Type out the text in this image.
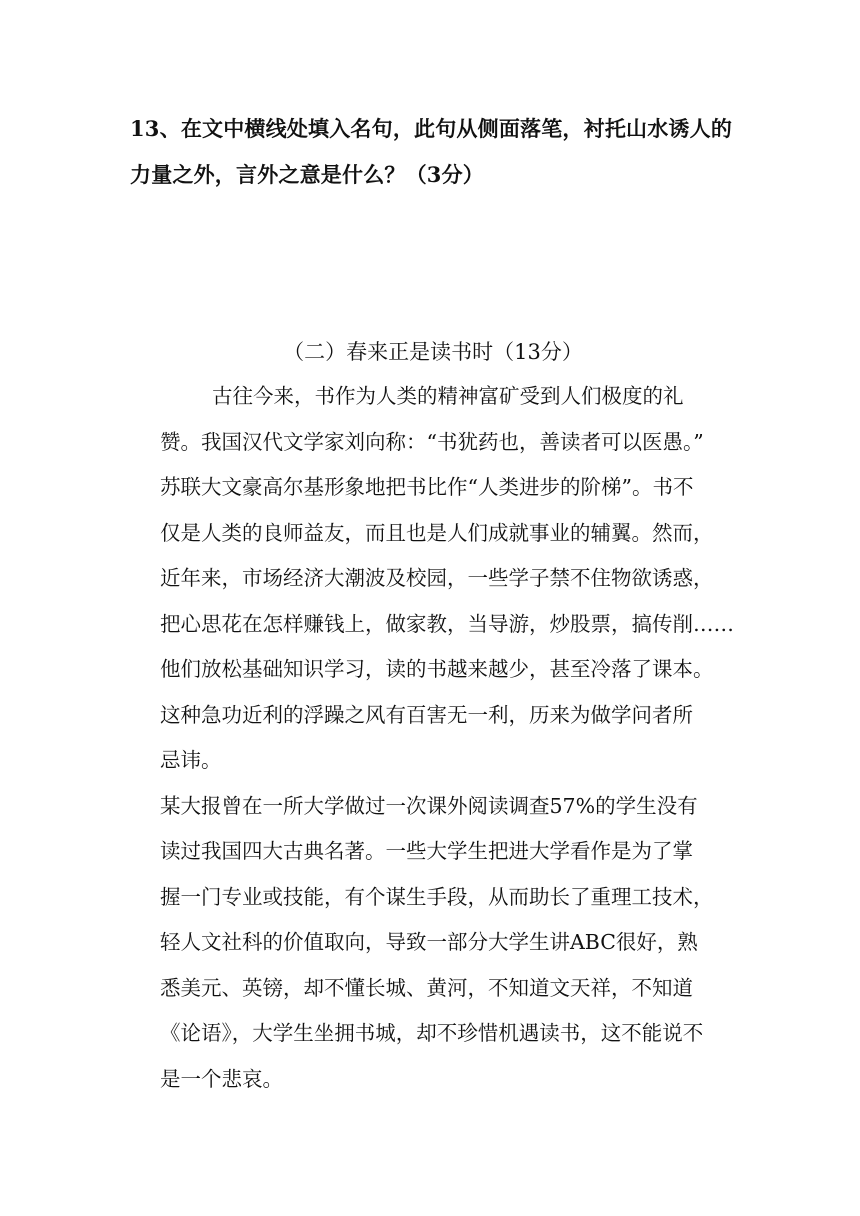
13、在文中横线处填入名句，此句从侧面落笔，衬托山水诱人的
力量之外，言外之意是什么？（3分）
（二）春来正是读书时（13分）
古往今来，书作为人类的精神富矿受到人们极度的礼
赞。我国汉代文学家刘向称：“书犹药也，善读者可以医愚。”
苏联大文豪高尔基形象地把书比作“人类进步的阶梯”。书不
仅是人类的良师益友，而且也是人们成就事业的辅翼。然而，
近年来，市场经济大潮波及校园，一些学子禁不住物欲诱惑，
把心思花在怎样赚钱上，做家教，当导游，炒股票，搞传削……
他们放松基础知识学习，读的书越来越少，甚至冷落了课本。
这种急功近利的浮躁之风有百害无一利，历来为做学问者所
忌讳。
某大报曾在一所大学做过一次课外阅读调查57%的学生没有
读过我国四大古典名著。一些大学生把进大学看作是为了掌
握一门专业或技能，有个谋生手段，从而助长了重理工技术，
轻人文社科的价值取向，导致一部分大学生讲ABC很好，熟
悉美元、英镑，却不懂长城、黄河，不知道文天祥，不知道
《论语》，大学生坐拥书城，却不珍惜机遇读书，这不能说不
是一个悲哀。
